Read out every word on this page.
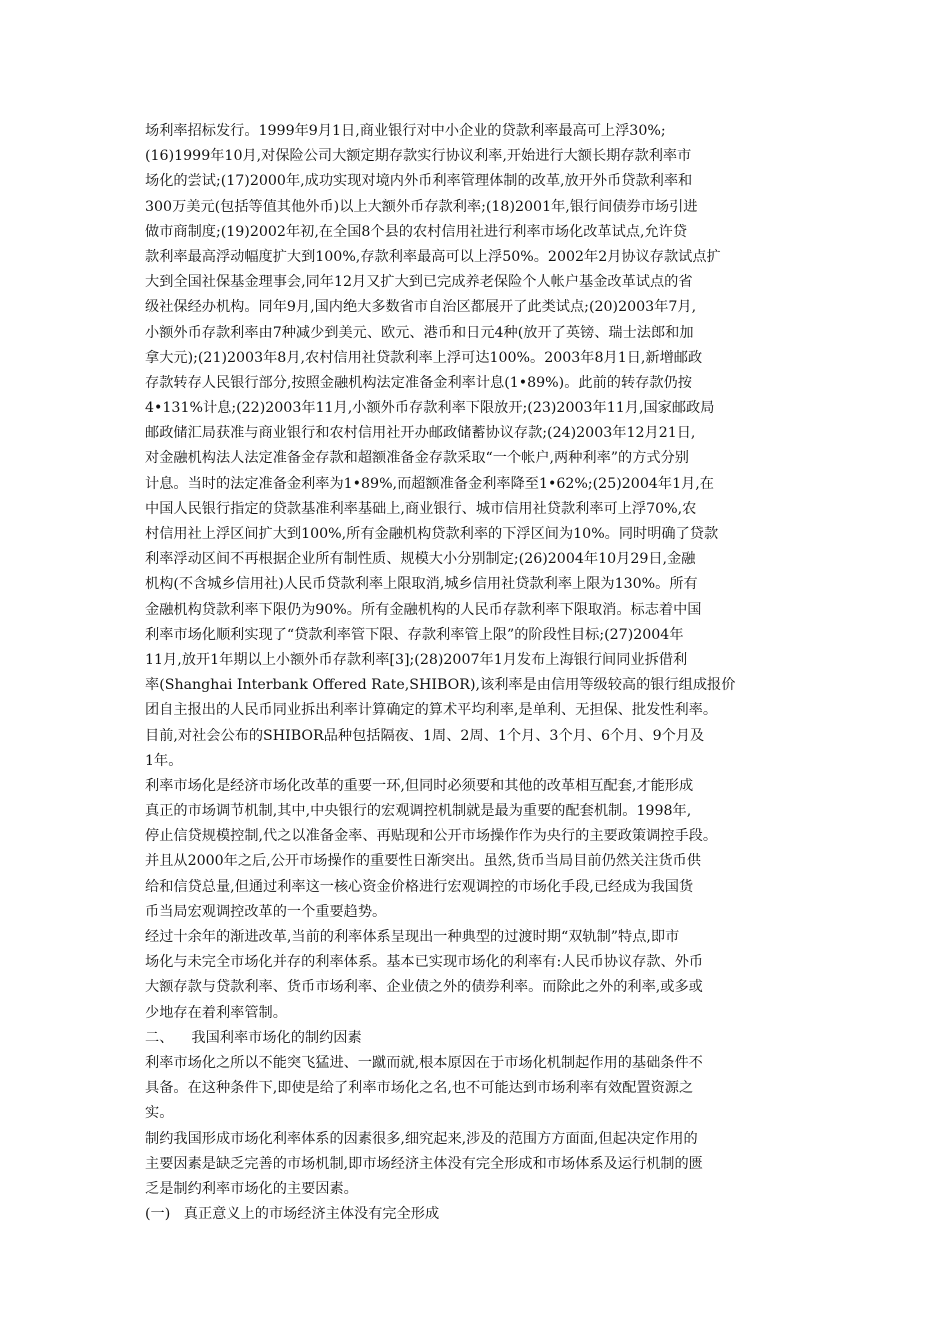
场利率招标发行。1999年9月1日,商业银行对中小企业的贷款利率最高可上浮30%;
(16)1999年10月,对保险公司大额定期存款实行协议利率,开始进行大额长期存款利率市
场化的尝试;(17)2000年,成功实现对境内外币利率管理体制的改革,放开外币贷款利率和
300万美元(包括等值其他外币)以上大额外币存款利率;(18)2001年,银行间债券市场引进
做市商制度;(19)2002年初,在全国8个县的农村信用社进行利率市场化改革试点,允许贷
款利率最高浮动幅度扩大到100%,存款利率最高可以上浮50%。2002年2月协议存款试点扩
大到全国社保基金理事会,同年12月又扩大到已完成养老保险个人帐户基金改革试点的省
级社保经办机构。同年9月,国内绝大多数省市自治区都展开了此类试点;(20)2003年7月,
小额外币存款利率由7种减少到美元、欧元、港币和日元4种(放开了英镑、瑞士法郎和加
拿大元);(21)2003年8月,农村信用社贷款利率上浮可达100%。2003年8月1日,新增邮政
存款转存人民银行部分,按照金融机构法定准备金利率计息(1•89%)。此前的转存款仍按
4•131%计息;(22)2003年11月,小额外币存款利率下限放开;(23)2003年11月,国家邮政局
邮政储汇局获准与商业银行和农村信用社开办邮政储蓄协议存款;(24)2003年12月21日,
对金融机构法人法定准备金存款和超额准备金存款采取“一个帐户,两种利率”的方式分别
计息。当时的法定准备金利率为1•89%,而超额准备金利率降至1•62%;(25)2004年1月,在
中国人民银行指定的贷款基准利率基础上,商业银行、城市信用社贷款利率可上浮70%,农
村信用社上浮区间扩大到100%,所有金融机构贷款利率的下浮区间为10%。同时明确了贷款
利率浮动区间不再根据企业所有制性质、规模大小分别制定;(26)2004年10月29日,金融
机构(不含城乡信用社)人民币贷款利率上限取消,城乡信用社贷款利率上限为130%。所有
金融机构贷款利率下限仍为90%。所有金融机构的人民币存款利率下限取消。标志着中国
利率市场化顺利实现了“贷款利率管下限、存款利率管上限”的阶段性目标;(27)2004年
11月,放开1年期以上小额外币存款利率[3];(28)2007年1月发布上海银行间同业拆借利
率(Shanghai Interbank Offered Rate,SHIBOR),该利率是由信用等级较高的银行组成报价
团自主报出的人民币同业拆出利率计算确定的算术平均利率,是单利、无担保、批发性利率。
目前,对社会公布的SHIBOR品种包括隔夜、1周、2周、1个月、3个月、6个月、9个月及
1年。
利率市场化是经济市场化改革的重要一环,但同时必须要和其他的改革相互配套,才能形成
真正的市场调节机制,其中,中央银行的宏观调控机制就是最为重要的配套机制。1998年,
停止信贷规模控制,代之以准备金率、再贴现和公开市场操作作为央行的主要政策调控手段。
并且从2000年之后,公开市场操作的重要性日渐突出。虽然,货币当局目前仍然关注货币供
给和信贷总量,但通过利率这一核心资金价格进行宏观调控的市场化手段,已经成为我国货
币当局宏观调控改革的一个重要趋势。
经过十余年的渐进改革,当前的利率体系呈现出一种典型的过渡时期“双轨制”特点,即市
场化与未完全市场化并存的利率体系。基本已实现市场化的利率有:人民币协议存款、外币
大额存款与贷款利率、货币市场利率、企业债之外的债券利率。而除此之外的利率,或多或
少地存在着利率管制。
二、    我国利率市场化的制约因素
利率市场化之所以不能突飞猛进、一蹴而就,根本原因在于市场化机制起作用的基础条件不
具备。在这种条件下,即使是给了利率市场化之名,也不可能达到市场利率有效配置资源之
实。
制约我国形成市场化利率体系的因素很多,细究起来,涉及的范围方方面面,但起决定作用的
主要因素是缺乏完善的市场机制,即市场经济主体没有完全形成和市场体系及运行机制的匮
乏是制约利率市场化的主要因素。
(一)   真正意义上的市场经济主体没有完全形成
